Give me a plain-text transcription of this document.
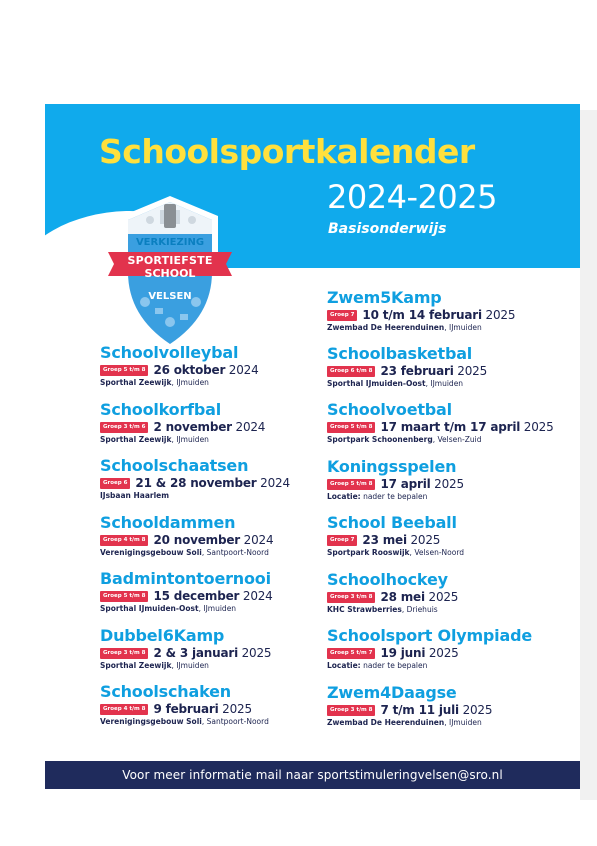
Schoolsportkalender
2024-2025
Basisonderwijs
VERKIEZING
SPORTIEFSTE
SCHOOL
VELSEN
Schoolvolleybal
Groep 5 t/m 8 26 oktober 2024
Sporthal Zeewijk, IJmuiden
Schoolkorfbal
Groep 3 t/m 6 2 november 2024
Sporthal Zeewijk, IJmuiden
Schoolschaatsen
Groep 6 21 & 28 november 2024
IJsbaan Haarlem
Schooldammen
Groep 4 t/m 8 20 november 2024
Verenigingsgebouw Soli, Santpoort-Noord
Badmintontoernooi
Groep 5 t/m 8 15 december 2024
Sporthal IJmuiden-Oost, IJmuiden
Dubbel6Kamp
Groep 3 t/m 8 2 & 3 januari 2025
Sporthal Zeewijk, IJmuiden
Schoolschaken
Groep 4 t/m 8 9 februari 2025
Verenigingsgebouw Soli, Santpoort-Noord
Zwem5Kamp
Groep 7 10 t/m 14 februari 2025
Zwembad De Heerenduinen, IJmuiden
Schoolbasketbal
Groep 6 t/m 8 23 februari 2025
Sporthal IJmuiden-Oost, IJmuiden
Schoolvoetbal
Groep 5 t/m 8 17 maart t/m 17 april 2025
Sportpark Schoonenberg, Velsen-Zuid
Koningsspelen
Groep 5 t/m 8 17 april 2025
Locatie: nader te bepalen
School Beeball
Groep 7 23 mei 2025
Sportpark Rooswijk, Velsen-Noord
Schoolhockey
Groep 3 t/m 8 28 mei 2025
KHC Strawberries, Driehuis
Schoolsport Olympiade
Groep 5 t/m 7 19 juni 2025
Locatie: nader te bepalen
Zwem4Daagse
Groep 3 t/m 8 7 t/m 11 juli 2025
Zwembad De Heerenduinen, IJmuiden
Voor meer informatie mail naar sportstimuleringvelsen@sro.nl
